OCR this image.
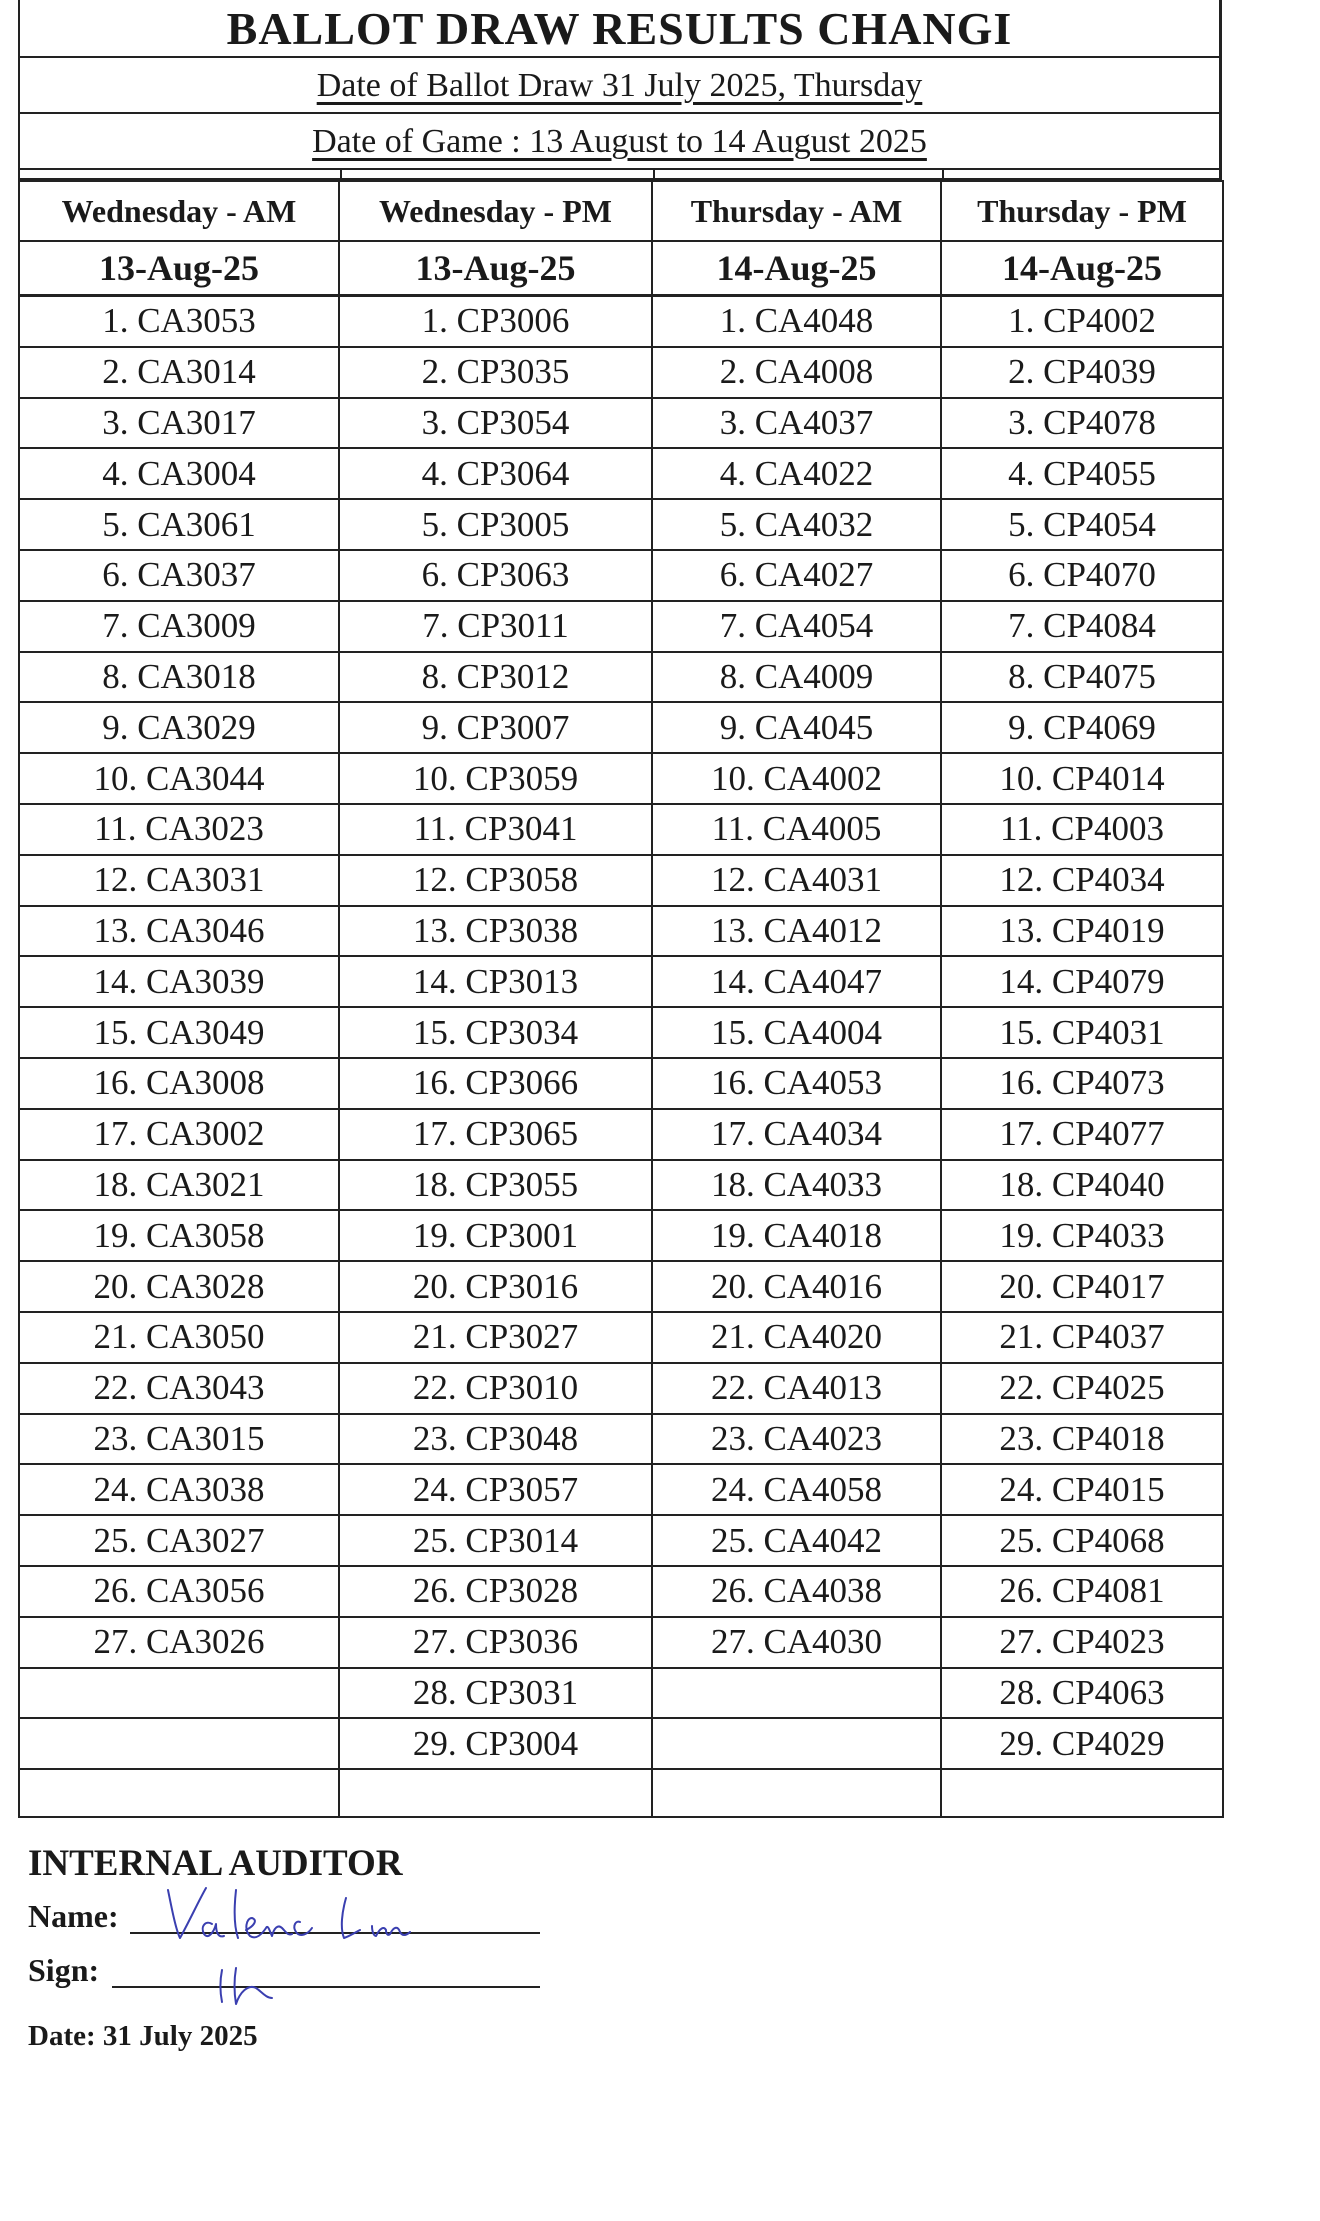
BALLOT DRAW RESULTS CHANGI
Date of Ballot Draw 31 July 2025, Thursday
Date of Game : 13 August to 14 August 2025
Wednesday - AM	Wednesday - PM	Thursday - AM	Thursday - PM
13-Aug-25	13-Aug-25	14-Aug-25	14-Aug-25
1. CA3053	1. CP3006	1. CA4048	1. CP4002
2. CA3014	2. CP3035	2. CA4008	2. CP4039
3. CA3017	3. CP3054	3. CA4037	3. CP4078
4. CA3004	4. CP3064	4. CA4022	4. CP4055
5. CA3061	5. CP3005	5. CA4032	5. CP4054
6. CA3037	6. CP3063	6. CA4027	6. CP4070
7. CA3009	7. CP3011	7. CA4054	7. CP4084
8. CA3018	8. CP3012	8. CA4009	8. CP4075
9. CA3029	9. CP3007	9. CA4045	9. CP4069
10. CA3044	10. CP3059	10. CA4002	10. CP4014
11. CA3023	11. CP3041	11. CA4005	11. CP4003
12. CA3031	12. CP3058	12. CA4031	12. CP4034
13. CA3046	13. CP3038	13. CA4012	13. CP4019
14. CA3039	14. CP3013	14. CA4047	14. CP4079
15. CA3049	15. CP3034	15. CA4004	15. CP4031
16. CA3008	16. CP3066	16. CA4053	16. CP4073
17. CA3002	17. CP3065	17. CA4034	17. CP4077
18. CA3021	18. CP3055	18. CA4033	18. CP4040
19. CA3058	19. CP3001	19. CA4018	19. CP4033
20. CA3028	20. CP3016	20. CA4016	20. CP4017
21. CA3050	21. CP3027	21. CA4020	21. CP4037
22. CA3043	22. CP3010	22. CA4013	22. CP4025
23. CA3015	23. CP3048	23. CA4023	23. CP4018
24. CA3038	24. CP3057	24. CA4058	24. CP4015
25. CA3027	25. CP3014	25. CA4042	25. CP4068
26. CA3056	26. CP3028	26. CA4038	26. CP4081
27. CA3026	27. CP3036	27. CA4030	27. CP4023
	28. CP3031		28. CP4063
	29. CP3004		29. CP4029

INTERNAL AUDITOR
Name:
Sign:
Date: 31 July 2025
